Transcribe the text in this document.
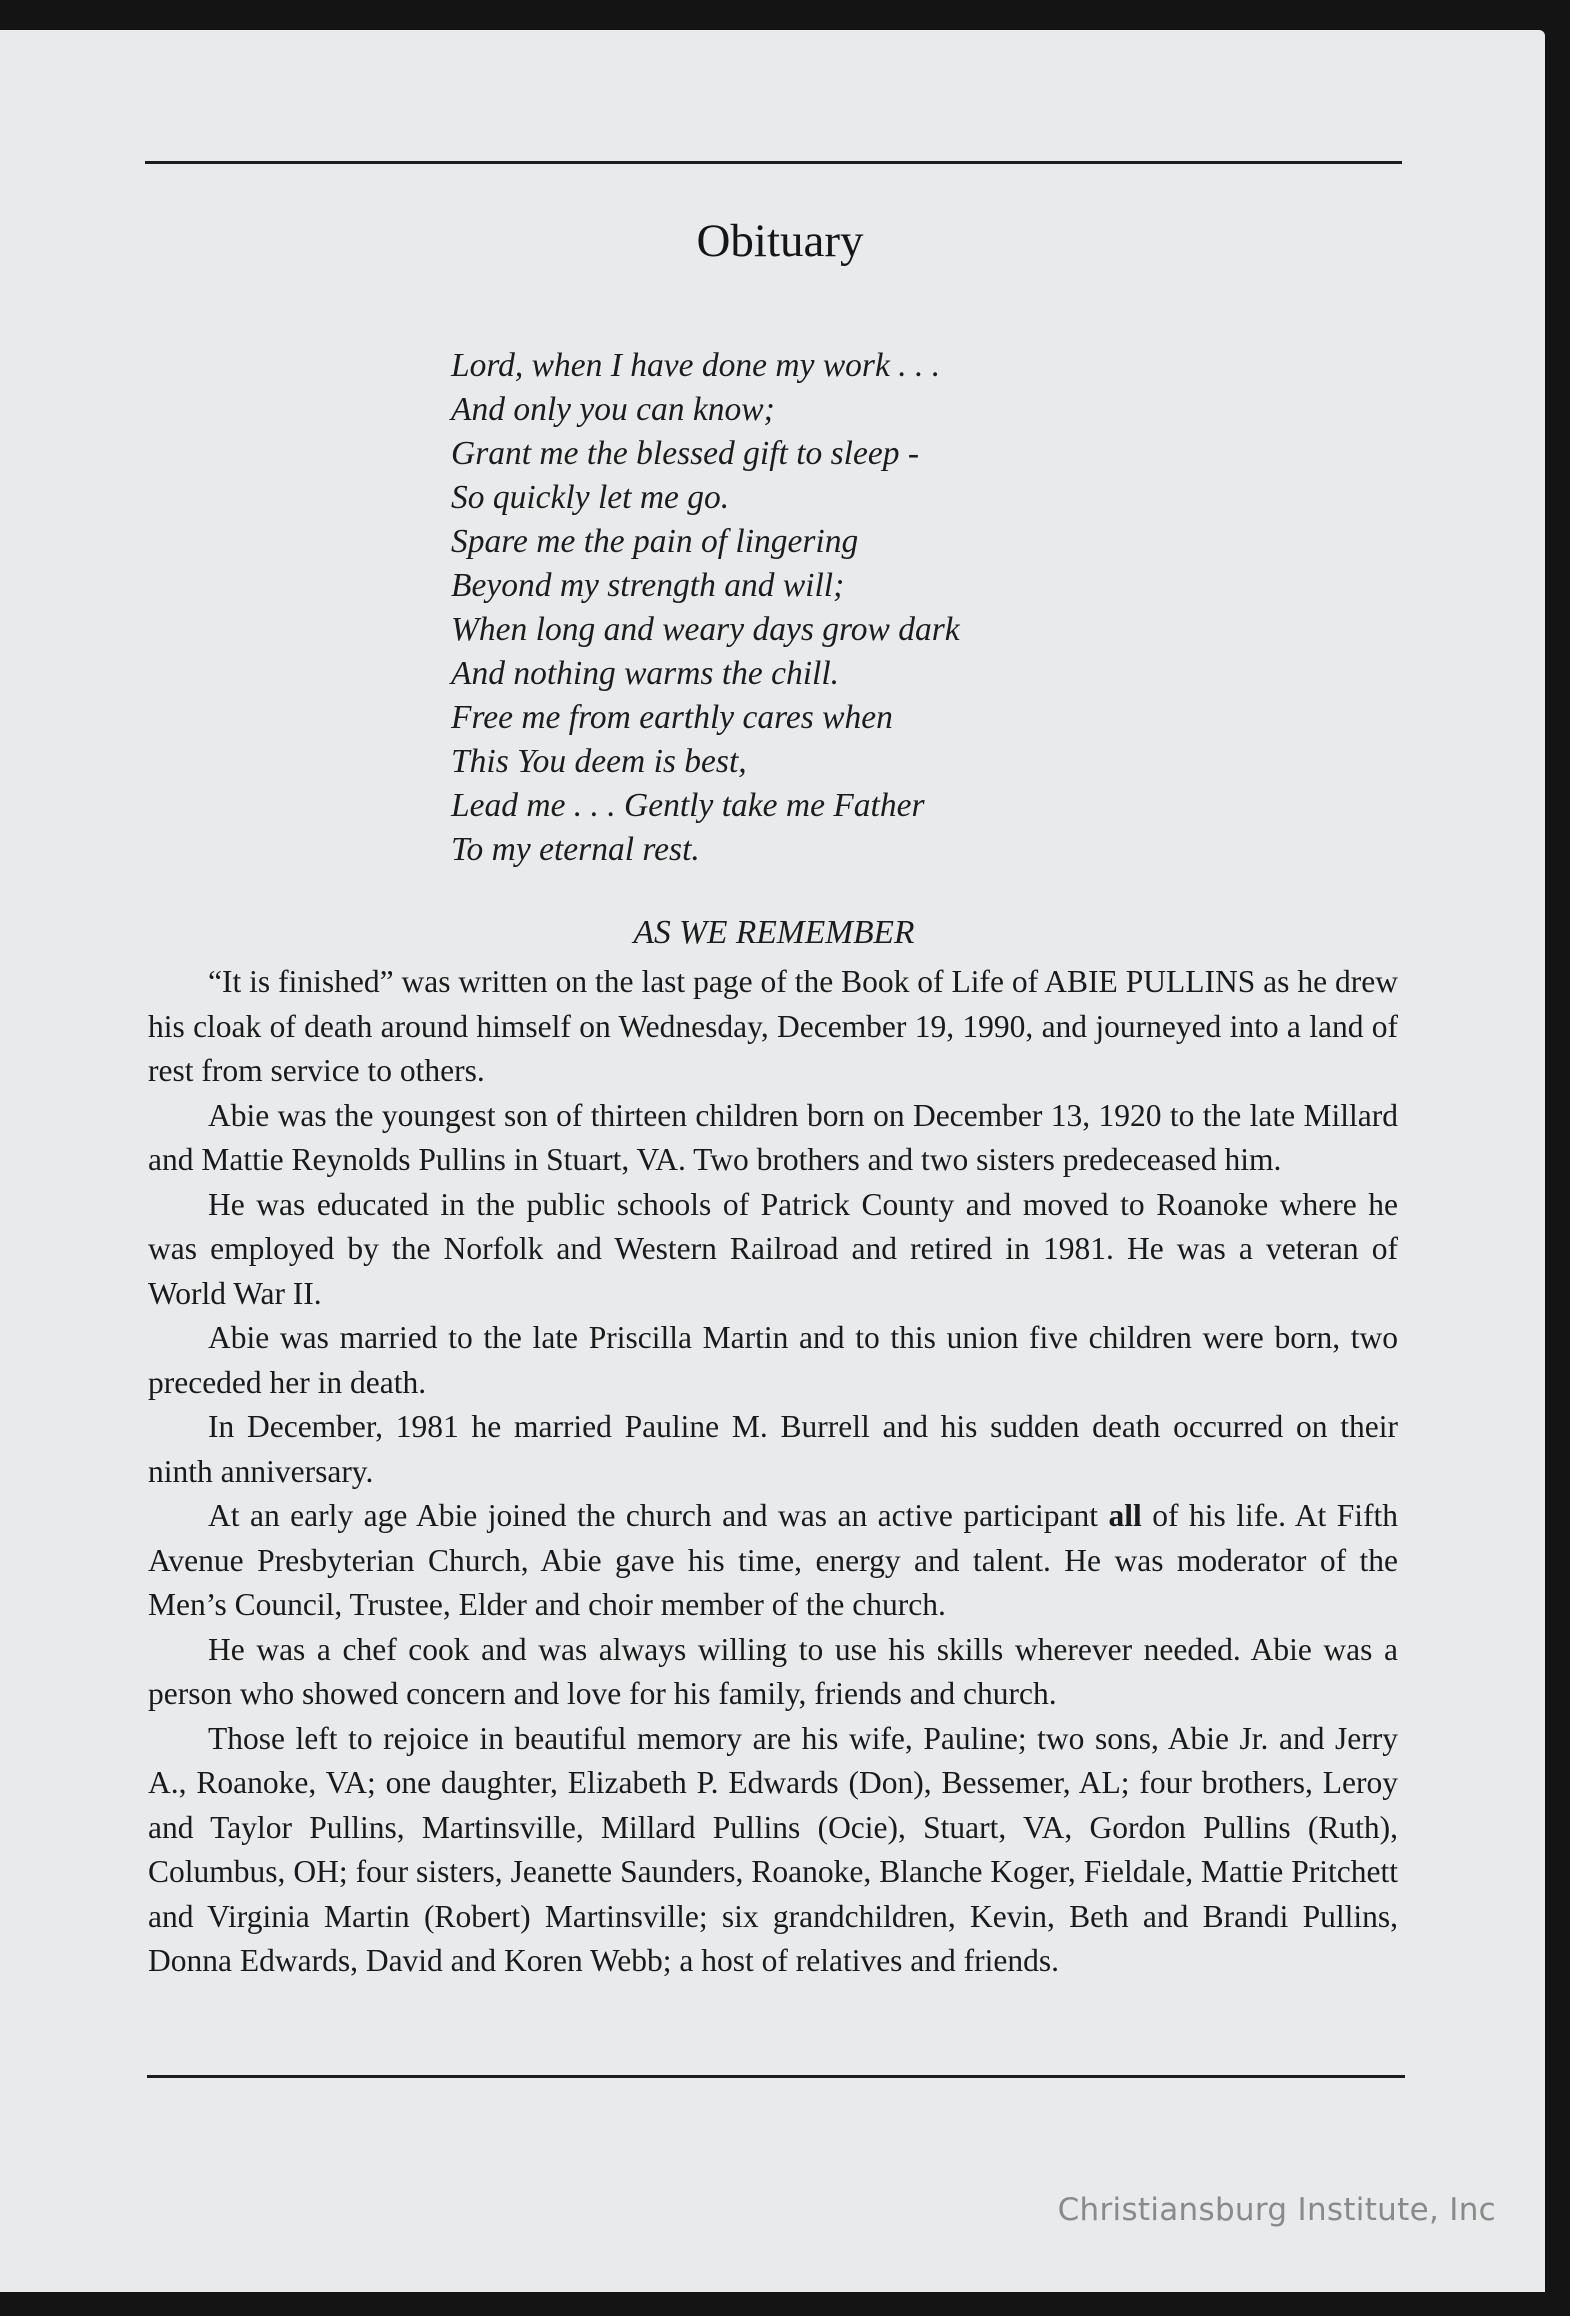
Obituary
Lord, when I have done my work . . .
And only you can know;
Grant me the blessed gift to sleep -
So quickly let me go.
Spare me the pain of lingering
Beyond my strength and will;
When long and weary days grow dark
And nothing warms the chill.
Free me from earthly cares when
This You deem is best,
Lead me . . . Gently take me Father
To my eternal rest.
AS WE REMEMBER

“It is finished” was written on the last page of the Book of Life of ABIE PULLINS as he drew his cloak of death around himself on Wednesday, December 19, 1990, and journeyed into a land of rest from service to others.

Abie was the youngest son of thirteen children born on December 13, 1920 to the late Millard and Mattie Reynolds Pullins in Stuart, VA. Two brothers and two sisters predeceased him.

He was educated in the public schools of Patrick County and moved to Roanoke where he was employed by the Norfolk and Western Railroad and retired in 1981. He was a veteran of World War II.

Abie was married to the late Priscilla Martin and to this union five children were born, two preceded her in death.

In December, 1981 he married Pauline M. Burrell and his sudden death occurred on their ninth anniversary.

At an early age Abie joined the church and was an active participant all of his life. At Fifth Avenue Presbyterian Church, Abie gave his time, energy and talent. He was moderator of the Men’s Council, Trustee, Elder and choir member of the church.

He was a chef cook and was always willing to use his skills wherever needed. Abie was a person who showed concern and love for his family, friends and church.

Those left to rejoice in beautiful memory are his wife, Pauline; two sons, Abie Jr. and Jerry A., Roanoke, VA; one daughter, Elizabeth P. Edwards (Don), Bessemer, AL; four brothers, Leroy and Taylor Pullins, Martinsville, Millard Pullins (Ocie), Stuart, VA, Gordon Pullins (Ruth), Columbus, OH; four sisters, Jeanette Saunders, Roanoke, Blanche Koger, Fieldale, Mattie Pritchett and Virginia Martin (Robert) Martinsville; six grandchildren, Kevin, Beth and Brandi Pullins, Donna Edwards, David and Koren Webb; a host of relatives and friends.

Christiansburg Institute, Inc
